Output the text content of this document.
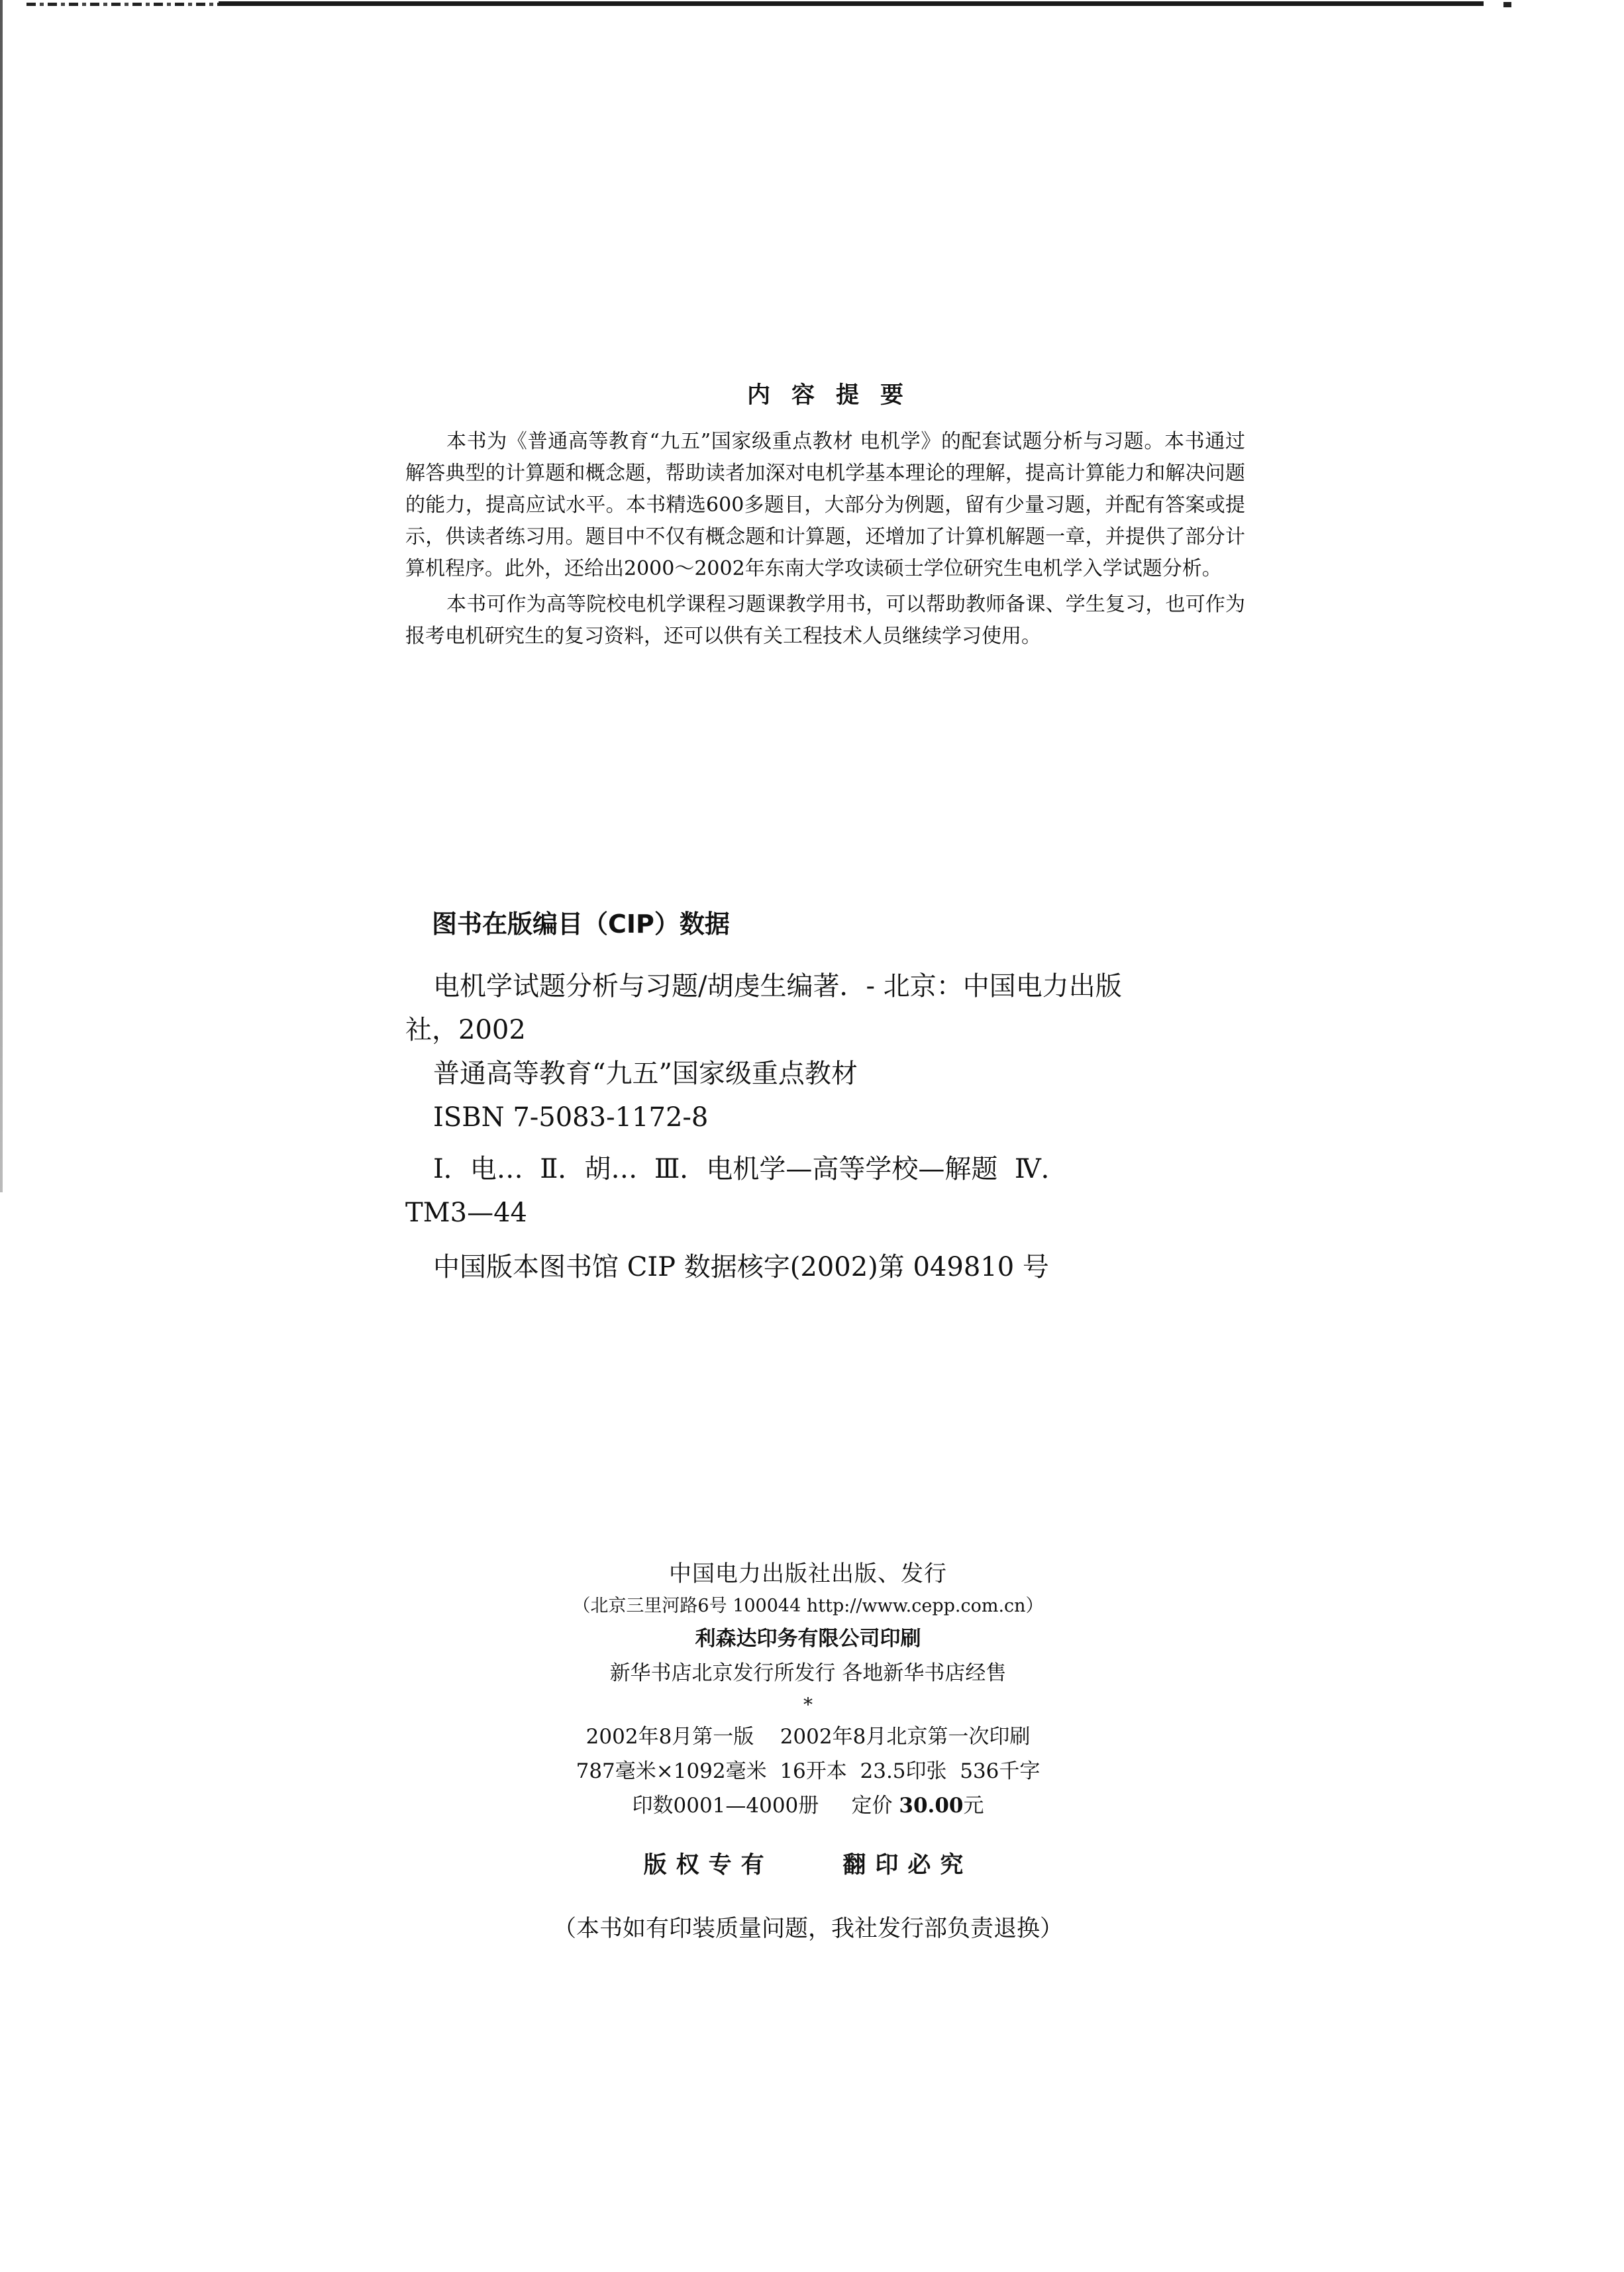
内容提要

本书为《普通高等教育“九五”国家级重点教材 电机学》的配套试题分析与习题。本书通过解答典型的计算题和概念题，帮助读者加深对电机学基本理论的理解，提高计算能力和解决问题的能力，提高应试水平。本书精选600多题目，大部分为例题，留有少量习题，并配有答案或提示，供读者练习用。题目中不仅有概念题和计算题，还增加了计算机解题一章，并提供了部分计算机程序。此外，还给出2000～2002年东南大学攻读硕士学位研究生电机学入学试题分析。

本书可作为高等院校电机学课程习题课教学用书，可以帮助教师备课、学生复习，也可作为报考电机研究生的复习资料，还可以供有关工程技术人员继续学习使用。

图书在版编目（CIP）数据
电机学试题分析与习题/胡虔生编著．- 北京：中国电力出版
社，2002
普通高等教育“九五”国家级重点教材
ISBN 7-5083-1172-8
Ⅰ．电…  Ⅱ．胡…  Ⅲ．电机学—高等学校—解题  Ⅳ．
TM3—44
中国版本图书馆 CIP 数据核字(2002)第 049810 号
中国电力出版社出版、发行
（北京三里河路6号 100044 http://www.cepp.com.cn）
利森达印务有限公司印刷
新华书店北京发行所发行 各地新华书店经售
*
2002年8月第一版    2002年8月北京第一次印刷
787毫米×1092毫米  16开本  23.5印张  536千字
印数0001—4000册     定价 30.00元
版权专有    翻印必究
（本书如有印装质量问题，我社发行部负责退换）
